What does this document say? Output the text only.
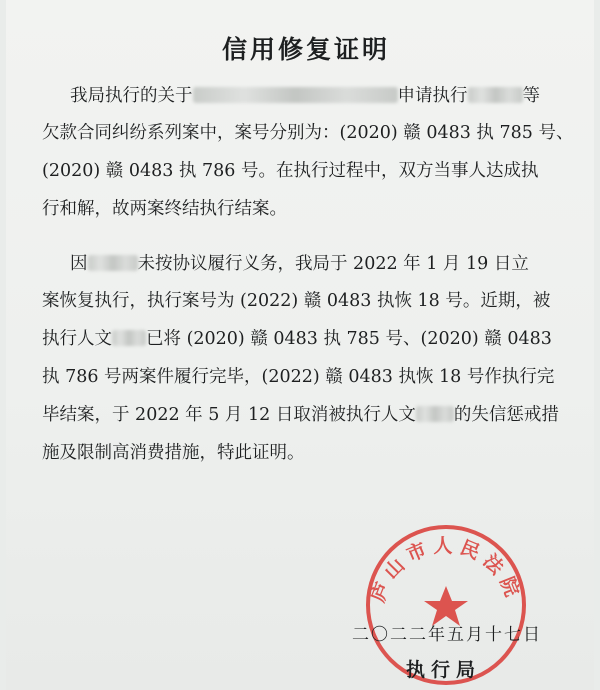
信用修复证明
我局执行的关于	申请执行	等
欠款合同纠纷系列案中，案号分别为：(2020) 赣 0483 执 785 号、
(2020) 赣 0483 执 786 号。在执行过程中，双方当事人达成执
行和解，故两案终结执行结案。
因	未按协议履行义务，我局于 2022 年 1 月 19 日立
案恢复执行，执行案号为 (2022) 赣 0483 执恢 18 号。近期，被
执行人文 已将 (2020) 赣 0483 执 785 号、(2020) 赣 0483
执 786 号两案件履行完毕，(2022) 赣 0483 执恢 18 号作执行完
毕结案，于 2022 年 5 月 12 日取消被执行人文 的失信惩戒措
施及限制高消费措施，特此证明。
庐山市人民法院
二〇二二年五月十七日
执行局
